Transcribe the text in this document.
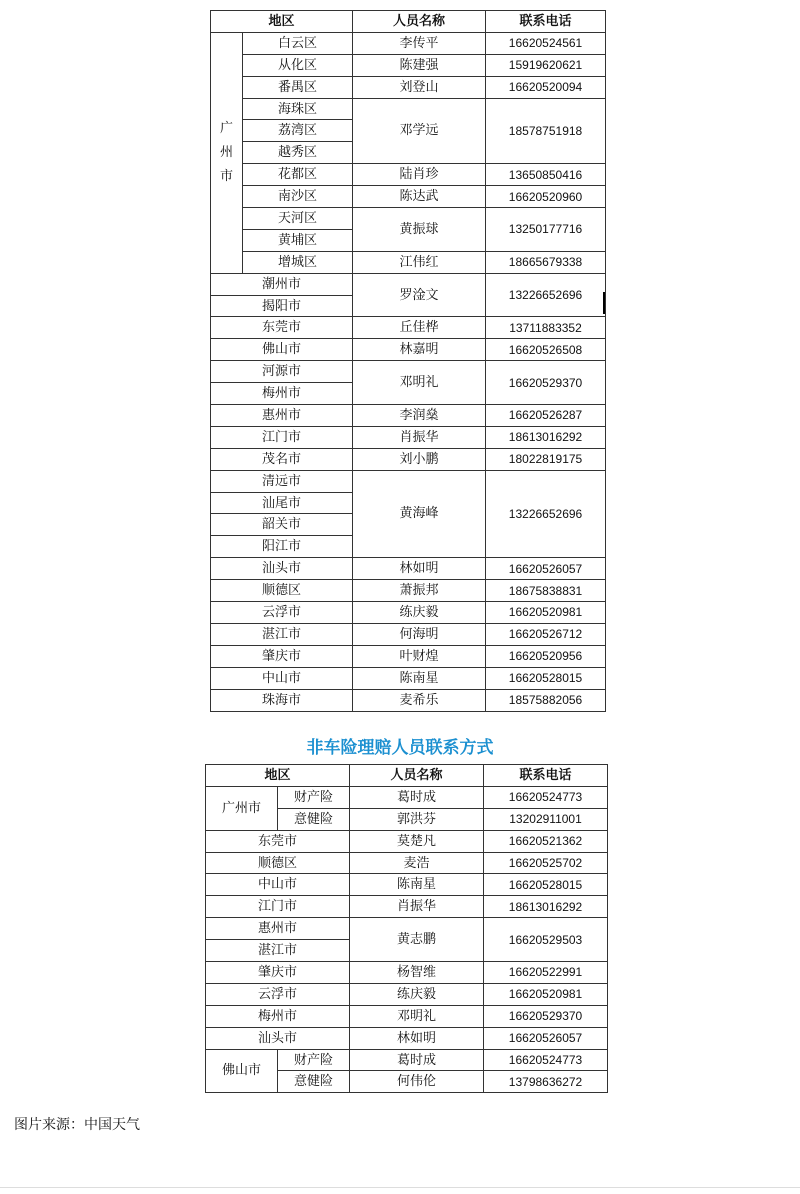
地区		人员名称	联系电话
广
州
市	白云区	李传平	16620524561
	从化区	陈建强	15919620621
	番禺区	刘登山	16620520094
	海珠区	邓学远	18578751918
	荔湾区		
	越秀区		
	花都区	陆肖珍	13650850416
	南沙区	陈达武	16620520960
	天河区	黄振球	13250177716
	黄埔区		
	增城区	江伟红	18665679338
潮州市		罗淦文	13226652696
揭阳市			
东莞市		丘佳桦	13711883352
佛山市		林嘉明	16620526508
河源市		邓明礼	16620529370
梅州市			
惠州市		李润燊	16620526287
江门市		肖振华	18613016292
茂名市		刘小鹏	18022819175
清远市		黄海峰	13226652696
汕尾市			
韶关市			
阳江市			
汕头市		林如明	16620526057
顺德区		萧振邦	18675838831
云浮市		练庆毅	16620520981
湛江市		何海明	16620526712
肇庆市		叶财煌	16620520956
中山市		陈南星	16620528015
珠海市		麦希乐	18575882056
非车险理赔人员联系方式
地区		人员名称	联系电话
广州市	财产险	葛时成	16620524773
	意健险	郭洪芬	13202911001
东莞市		莫楚凡	16620521362
顺德区		麦浩	16620525702
中山市		陈南星	16620528015
江门市		肖振华	18613016292
惠州市		黄志鹏	16620529503
湛江市			
肇庆市		杨智维	16620522991
云浮市		练庆毅	16620520981
梅州市		邓明礼	16620529370
汕头市		林如明	16620526057
佛山市	财产险	葛时成	16620524773
	意健险	何伟伦	13798636272
图片来源：中国天气
